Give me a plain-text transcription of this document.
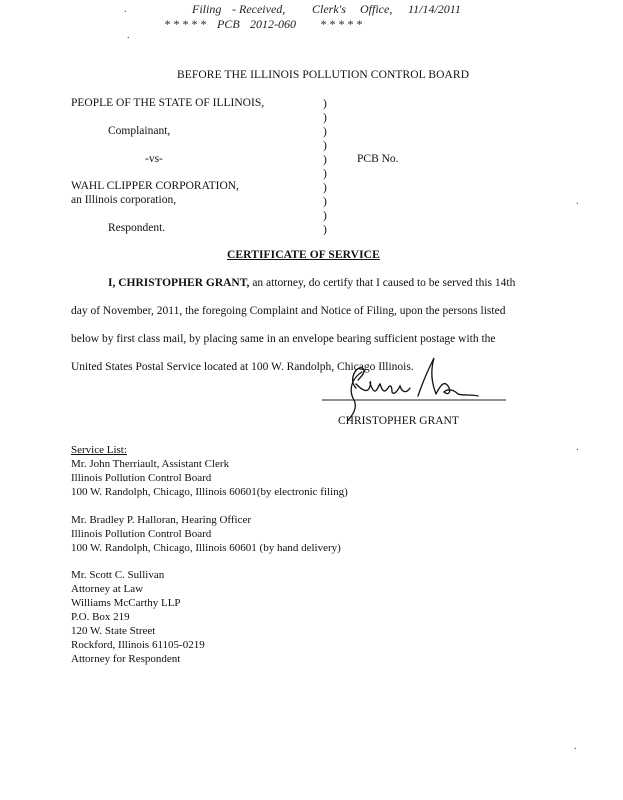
Filing - Received, Clerk's Office, 11/14/2011
* * * * * PCB 2012-060 * * * * *
.
.
.
.
.
BEFORE THE ILLINOIS POLLUTION CONTROL BOARD
PEOPLE OF THE STATE OF ILLINOIS,
Complainant,
-vs-
WAHL CLIPPER CORPORATION,
an Illinois corporation,
Respondent.
PCB No.
)
)
)
)
)
)
)
)
)
)
CERTIFICATE OF SERVICE
I, CHRISTOPHER GRANT, an attorney, do certify that I caused to be served this 14th
day of November, 2011, the foregoing Complaint and Notice of Filing, upon the persons listed
below by first class mail, by placing same in an envelope bearing sufficient postage with the
United States Postal Service located at 100 W. Randolph, Chicago Illinois.
CHRISTOPHER GRANT
Service List:
Mr. John Therriault, Assistant Clerk
Illinois Pollution Control Board
100 W. Randolph, Chicago, Illinois 60601(by electronic filing)
Mr. Bradley P. Halloran, Hearing Officer
Illinois Pollution Control Board
100 W. Randolph, Chicago, Illinois 60601 (by hand delivery)
Mr. Scott C. Sullivan
Attorney at Law
Williams McCarthy LLP
P.O. Box 219
120 W. State Street
Rockford, Illinois 61105-0219
Attorney for Respondent
